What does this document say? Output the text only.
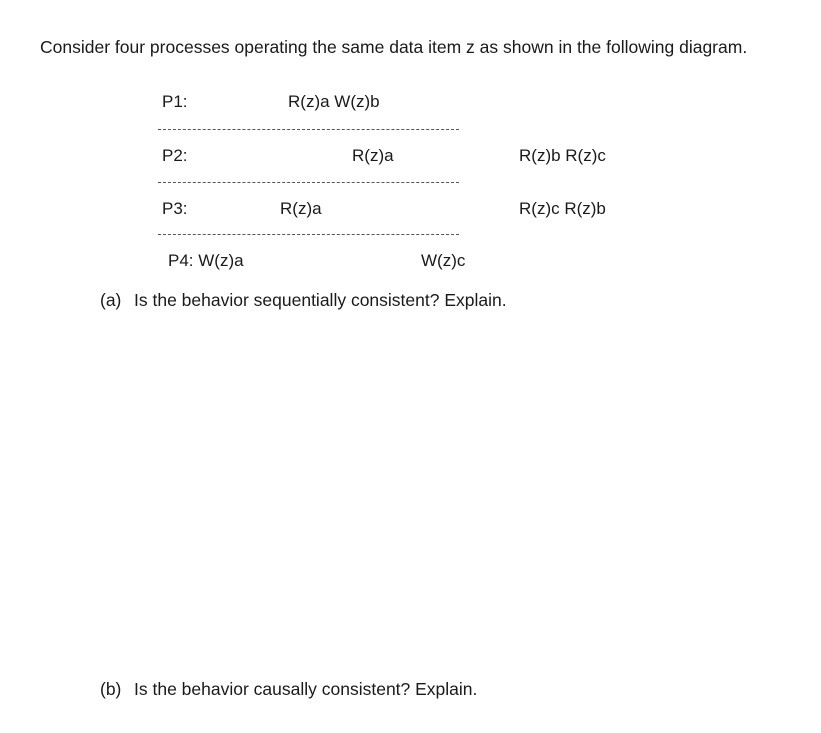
Consider four processes operating the same data item z as shown in the following diagram.
P1:	R(z)a W(z)b
P2:	R(z)a	R(z)b R(z)c
P3:	R(z)a	R(z)c R(z)b
P4: W(z)a	W(z)c
(a) Is the behavior sequentially consistent? Explain.
(b) Is the behavior causally consistent? Explain.
